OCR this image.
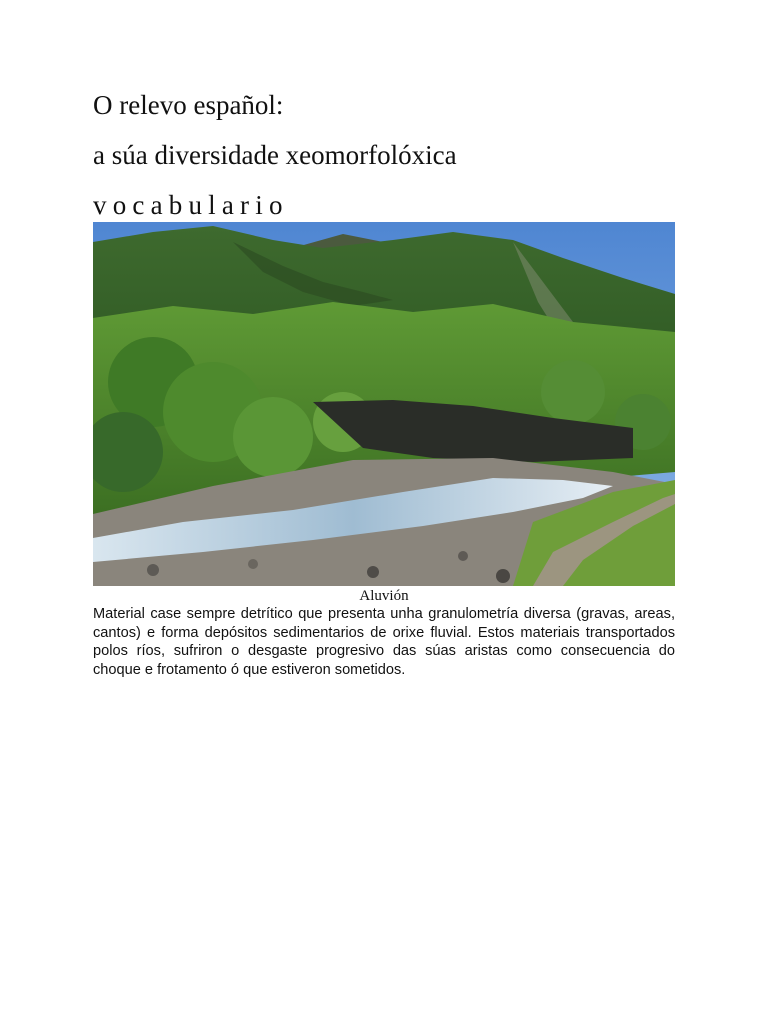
O relevo español:
a súa diversidade xeomorfolóxica
vocabulario
Aluvión

Material case sempre detrítico que presenta unha granulometría diversa (gravas, areas, cantos) e forma depósitos sedimentarios de orixe fluvial. Estos materiais transportados polos ríos, sufriron o desgaste progresivo das súas aristas como consecuencia do choque e frotamento ó que estiveron sometidos.
